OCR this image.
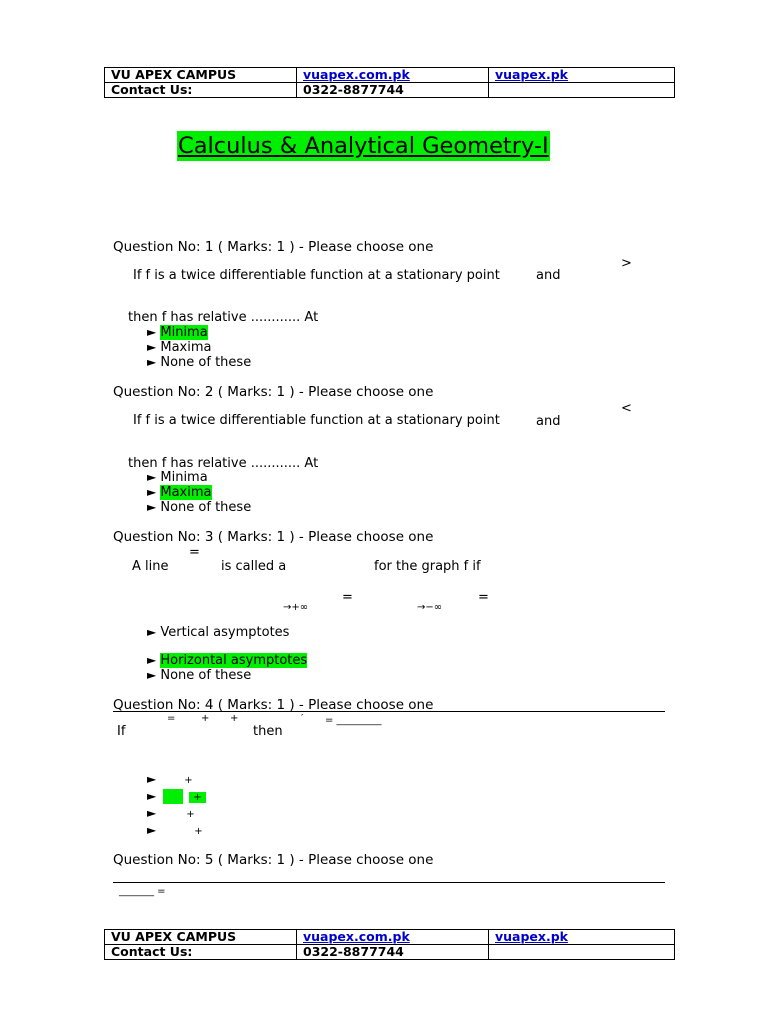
VU APEX CAMPUS	vuapex.com.pk	vuapex.pk
Contact Us:	0322-8877744	
Calculus & Analytical Geometry-I
Question No: 1 ( Marks: 1 ) - Please choose one
>
If f is a twice differentiable function at a stationary point	and
then f has relative ............ At
► Minima
► Maxima
► None of these
Question No: 2 ( Marks: 1 ) - Please choose one
<
If f is a twice differentiable function at a stationary point	and
then f has relative ............ At
► Minima
► Maxima
► None of these
Question No: 3 ( Marks: 1 ) - Please choose one
=
A line	is called a	for the graph f if
=	=
→+∞	→−∞
► Vertical asymptotes
► Horizontal asymptotes
► None of these
Question No: 4 ( Marks: 1 ) - Please choose one
=	+ +	′ = _________
If	then
►	+
►	+
►	+
►	+
Question No: 5 ( Marks: 1 ) - Please choose one
_______ =
VU APEX CAMPUS	vuapex.com.pk	vuapex.pk
Contact Us:	0322-8877744	
